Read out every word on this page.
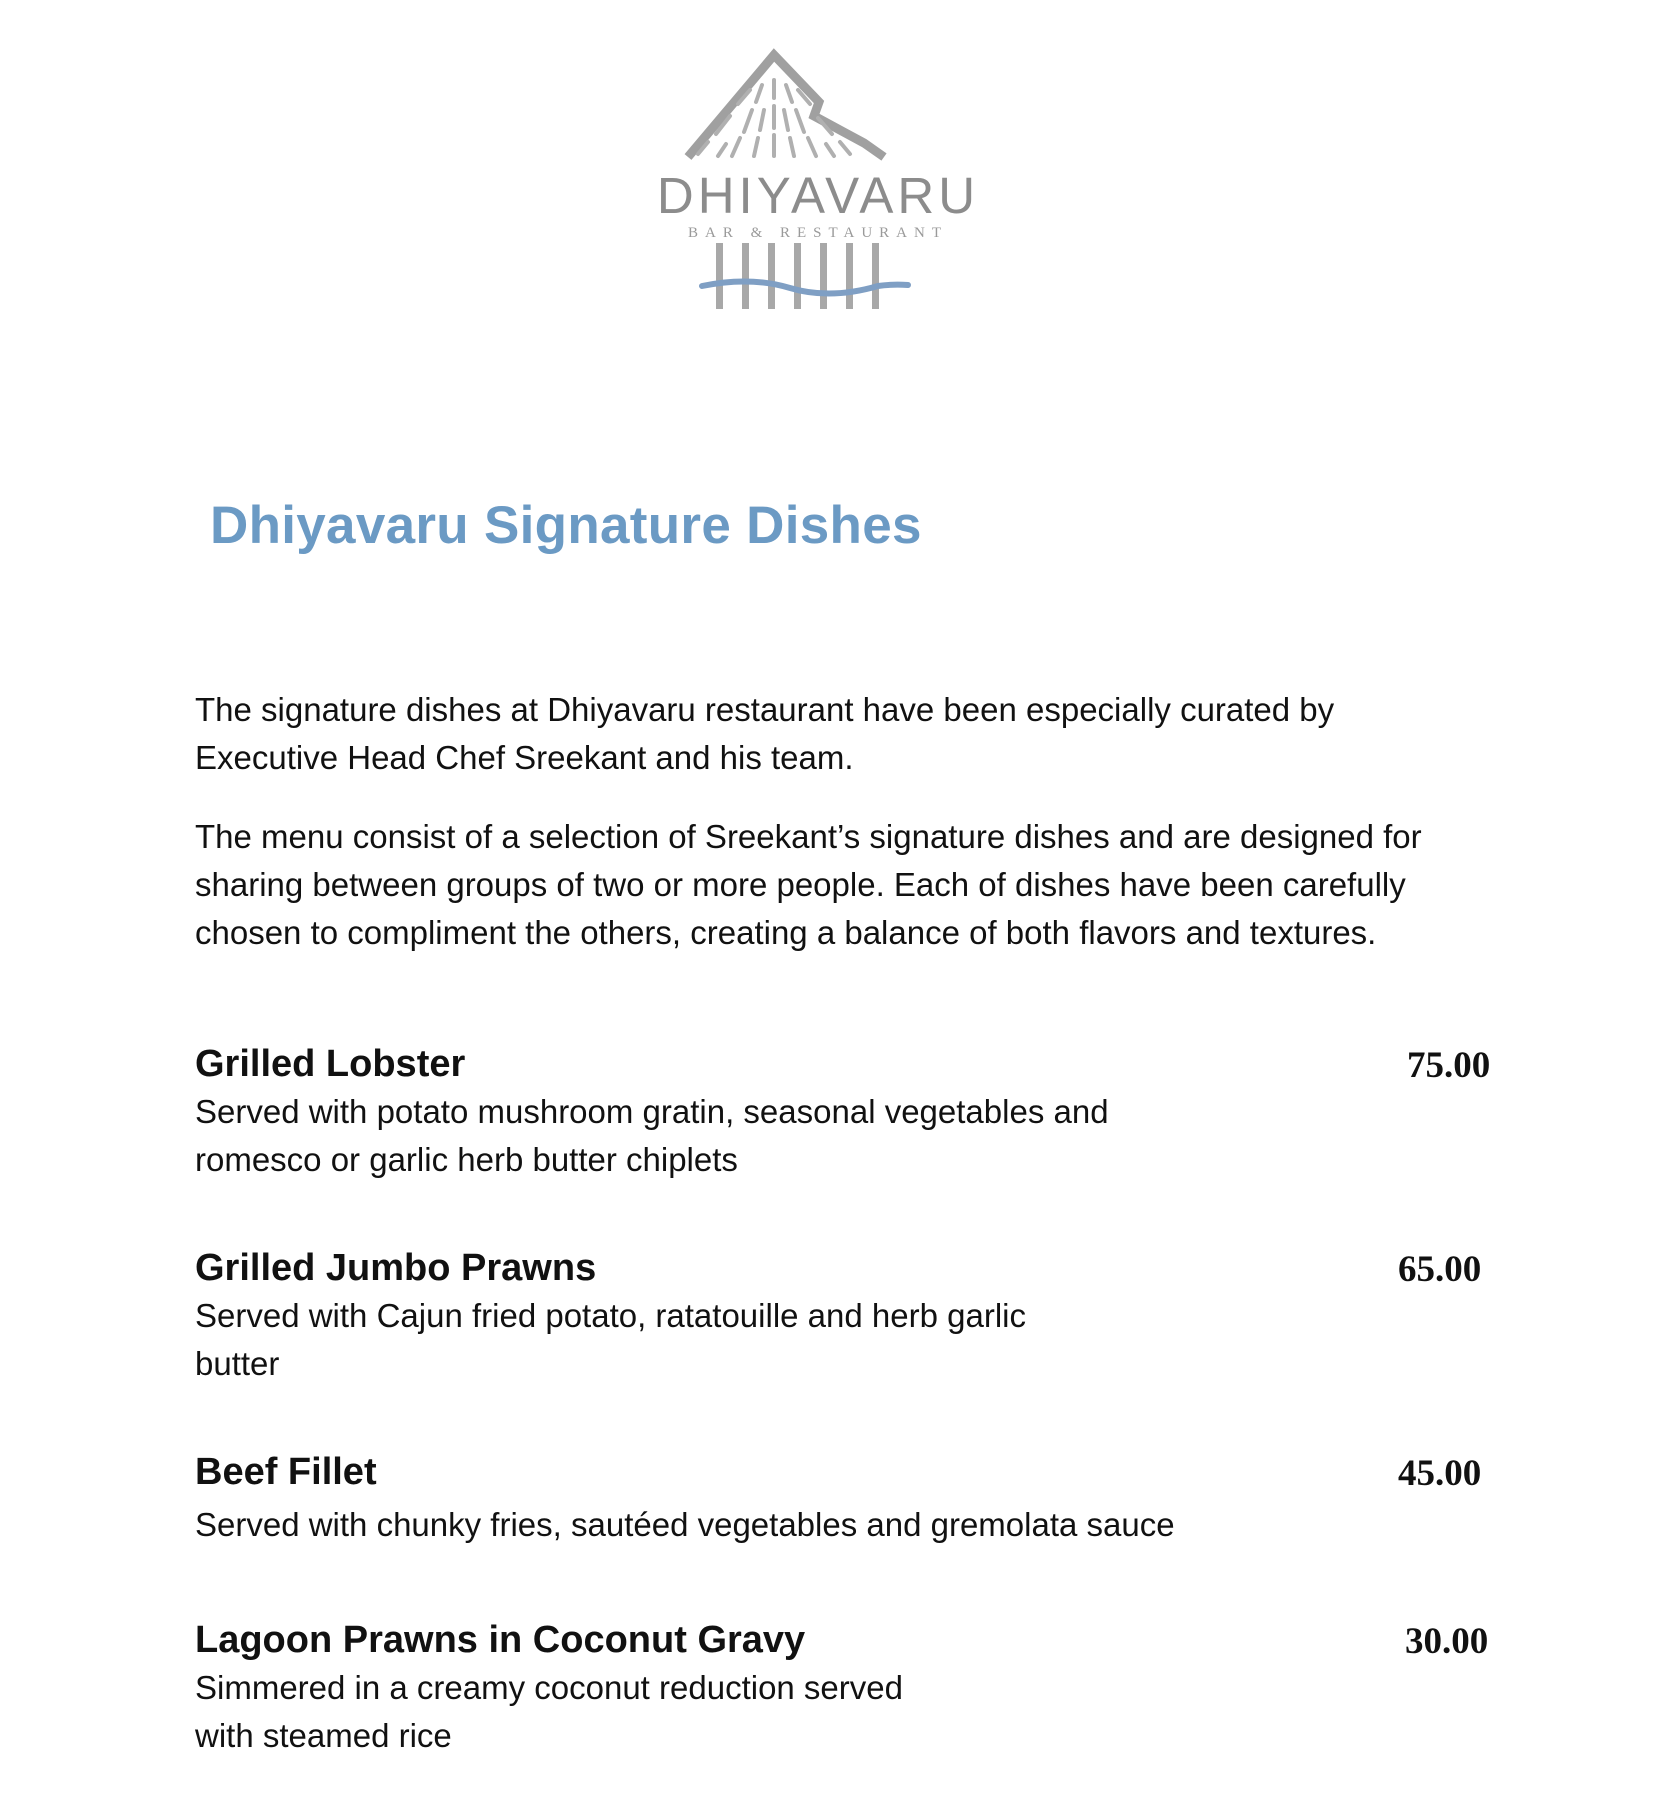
DHIYAVARU
BAR & RESTAURANT
Dhiyavaru Signature Dishes
The signature dishes at Dhiyavaru restaurant have been especially curated by
Executive Head Chef Sreekant and his team.
The menu consist of a selection of Sreekant’s signature dishes and are designed for
sharing between groups of two or more people. Each of dishes have been carefully
chosen to compliment the others, creating a balance of both flavors and textures.
Grilled Lobster	75.00
Served with potato mushroom gratin, seasonal vegetables and
romesco or garlic herb butter chiplets
Grilled Jumbo Prawns	65.00
Served with Cajun fried potato, ratatouille and herb garlic
butter
Beef Fillet	45.00
Served with chunky fries, sautéed vegetables and gremolata sauce
Lagoon Prawns in Coconut Gravy	30.00
Simmered in a creamy coconut reduction served
with steamed rice
